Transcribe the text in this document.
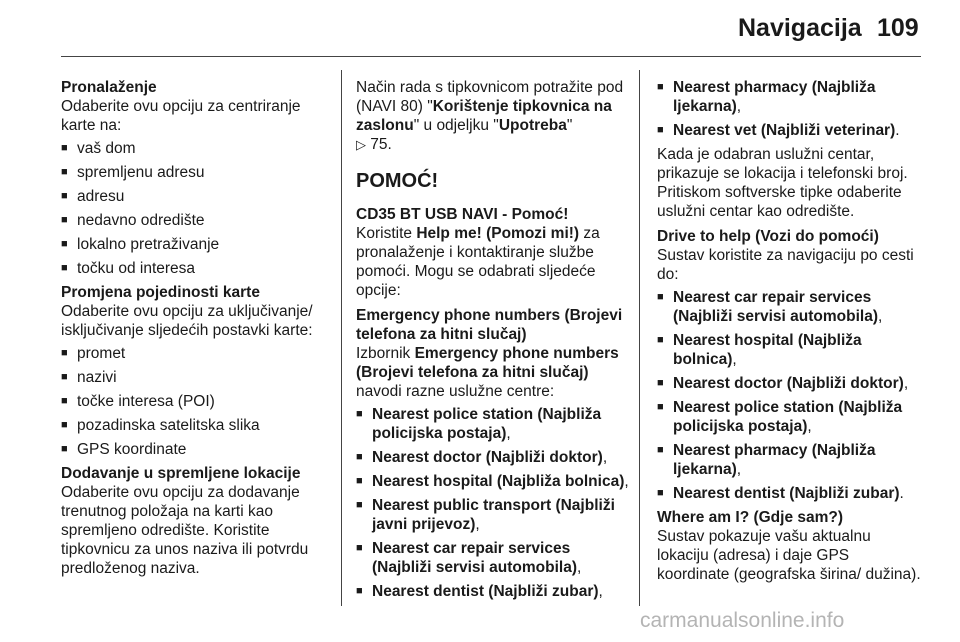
Navigacija 109
Pronalaženje
Odaberite ovu opciju za centriranje karte na:
■ vaš dom
■ spremljenu adresu
■ adresu
■ nedavno odredište
■ lokalno pretraživanje
■ točku od interesa
Promjena pojedinosti karte
Odaberite ovu opciju za uključivanje/ isključivanje sljedećih postavki karte:
■ promet
■ nazivi
■ točke interesa (POI)
■ pozadinska satelitska slika
■ GPS koordinate
Dodavanje u spremljene lokacije
Odaberite ovu opciju za dodavanje trenutnog položaja na karti kao spremljeno odredište. Koristite tipkovnicu za unos naziva ili potvrdu predloženog naziva.
Način rada s tipkovnicom potražite pod (NAVI 80) "Korištenje tipkovnica na zaslonu" u odjeljku "Upotreba"
▷ 75.
POMOĆ!
CD35 BT USB NAVI - Pomoć!
Koristite Help me! (Pomozi mi!) za pronalaženje i kontaktiranje službe pomoći. Mogu se odabrati sljedeće opcije:
Emergency phone numbers (Brojevi telefona za hitni slučaj)
Izbornik Emergency phone numbers (Brojevi telefona za hitni slučaj) navodi razne uslužne centre:
■ Nearest police station (Najbliža policijska postaja),
■ Nearest doctor (Najbliži doktor),
■ Nearest hospital (Najbliža bolnica),
■ Nearest public transport (Najbliži javni prijevoz),
■ Nearest car repair services (Najbliži servisi automobila),
■ Nearest dentist (Najbliži zubar),
■ Nearest pharmacy (Najbliža ljekarna),
■ Nearest vet (Najbliži veterinar).
Kada je odabran uslužni centar, prikazuje se lokacija i telefonski broj. Pritiskom softverske tipke odaberite uslužni centar kao odredište.
Drive to help (Vozi do pomoći)
Sustav koristite za navigaciju po cesti do:
■ Nearest car repair services (Najbliži servisi automobila),
■ Nearest hospital (Najbliža bolnica),
■ Nearest doctor (Najbliži doktor),
■ Nearest police station (Najbliža policijska postaja),
■ Nearest pharmacy (Najbliža ljekarna),
■ Nearest dentist (Najbliži zubar).
Where am I? (Gdje sam?)
Sustav pokazuje vašu aktualnu lokaciju (adresa) i daje GPS koordinate (geografska širina/ dužina).
carmanualsonline.info
